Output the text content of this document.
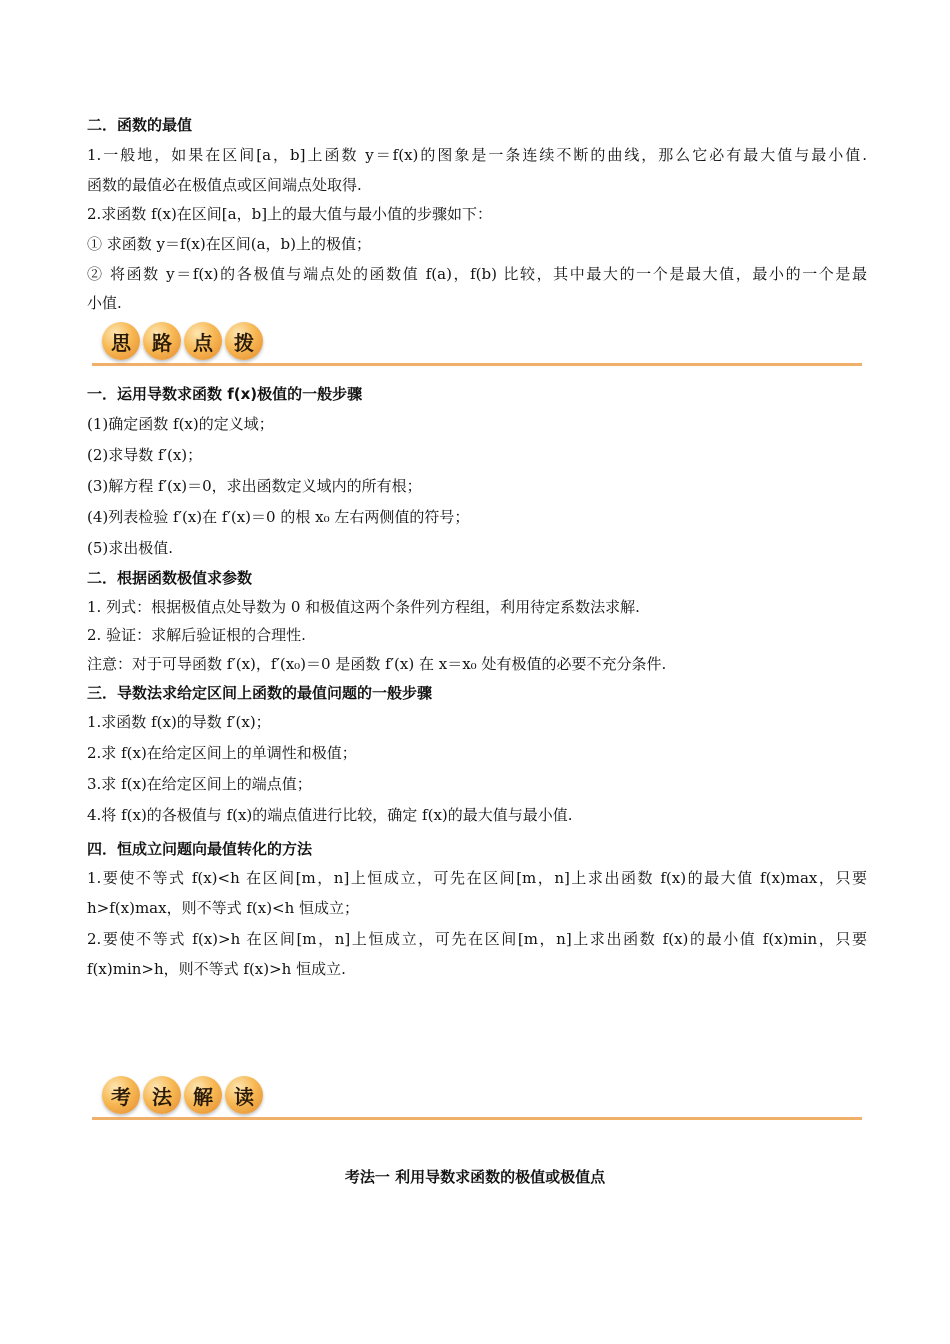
二．函数的最值
1.一般地，如果在区间[a，b]上函数 y＝f(x)的图象是一条连续不断的曲线，那么它必有最大值与最小值.
函数的最值必在极值点或区间端点处取得.
2.求函数 f(x)在区间[a，b]上的最大值与最小值的步骤如下：
① 求函数 y＝f(x)在区间(a，b)上的极值；
② 将函数 y＝f(x)的各极值与端点处的函数值 f(a)，f(b) 比较，其中最大的一个是最大值，最小的一个是最
小值.
思	路	点	拨
一．运用导数求函数 f(x)极值的一般步骤
(1)确定函数 f(x)的定义域；
(2)求导数 f′(x)；
(3)解方程 f′(x)＝0，求出函数定义域内的所有根；
(4)列表检验 f′(x)在 f′(x)＝0 的根 x₀ 左右两侧值的符号；
(5)求出极值.
二．根据函数极值求参数
1. 列式：根据极值点处导数为 0 和极值这两个条件列方程组，利用待定系数法求解.
2. 验证：求解后验证根的合理性.
注意：对于可导函数 f′(x)，f′(x₀)＝0 是函数 f′(x) 在 x＝x₀ 处有极值的必要不充分条件.
三．导数法求给定区间上函数的最值问题的一般步骤
1.求函数 f(x)的导数 f′(x)；
2.求 f(x)在给定区间上的单调性和极值；
3.求 f(x)在给定区间上的端点值；
4.将 f(x)的各极值与 f(x)的端点值进行比较，确定 f(x)的最大值与最小值.
四．恒成立问题向最值转化的方法
1.要使不等式 f(x)<h 在区间[m，n]上恒成立，可先在区间[m，n]上求出函数 f(x)的最大值 f(x)max，只要
h>f(x)max，则不等式 f(x)<h 恒成立；
2.要使不等式 f(x)>h 在区间[m，n]上恒成立，可先在区间[m，n]上求出函数 f(x)的最小值 f(x)min，只要
f(x)min>h，则不等式 f(x)>h 恒成立.
考	法	解	读
考法一 利用导数求函数的极值或极值点
